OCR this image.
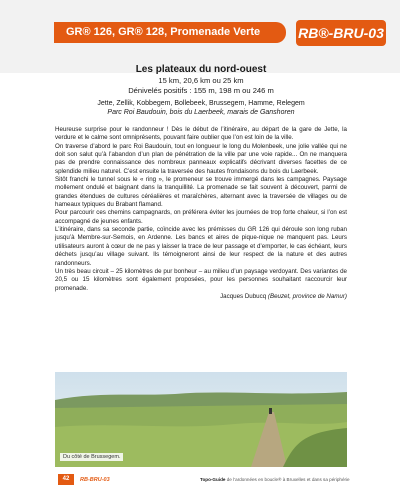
GR® 126, GR® 128, Promenade Verte	RB®-BRU-03
Les plateaux du nord-ouest
15 km, 20,6 km ou 25 km
Dénivelés positifs : 155 m, 198 m ou 246 m
Jette, Zellik, Kobbegem, Bollebeek, Brussegem, Hamme, Relegem
Parc Roi Baudouin, bois du Laerbeek, marais de Ganshoren

Heureuse surprise pour le randonneur ! Dès le début de l’itinéraire, au départ de la gare de Jette, la verdure et le calme sont omniprésents, pouvant faire oublier que l’on est loin de la ville.

On traverse d’abord le parc Roi Baudouin, tout en longueur le long du Molenbeek, une jolie vallée qui ne doit son salut qu’à l’abandon d’un plan de pénétration de la ville par une voie rapide... On ne manquera pas de prendre connaissance des nombreux panneaux explicatifs décrivant diverses facettes de ce splendide milieu naturel. C’est ensuite la traversée des hautes frondaisons du bois du Laerbeek.

Sitôt franchi le tunnel sous le « ring », le promeneur se trouve immergé dans les campagnes. Paysage mollement ondulé et baignant dans la tranquillité. La promenade se fait souvent à découvert, parmi de grandes étendues de cultures céréalières et maraîchères, alternant avec la traversée de villages ou de hameaux typiques du Brabant flamand.

Pour parcourir ces chemins campagnards, on préférera éviter les journées de trop forte chaleur, si l’on est accompagné de jeunes enfants.

L’itinéraire, dans sa seconde partie, coïncide avec les prémisses du GR 126 qui déroule son long ruban jusqu’à Membre-sur-Semois, en Ardenne. Les bancs et aires de pique-nique ne manquent pas. Leurs utilisateurs auront à cœur de ne pas y laisser la trace de leur passage et d’emporter, le cas échéant, leurs déchets jusqu’au village suivant. Ils témoigneront ainsi de leur respect de la nature et des autres randonneurs.

Un très beau circuit – 25 kilomètres de pur bonheur – au milieu d’un paysage verdoyant. Des variantes de 20,5 ou 15 kilomètres sont également proposées, pour les personnes souhaitant raccourcir leur promenade.

Jacques Dubucq (Beuzet, province de Namur)

Du côté de Brussegem.
42	RB-BRU-03	Topo-Guide de l’ardonnées en boucle® à Bruxelles et dans sa périphérie
